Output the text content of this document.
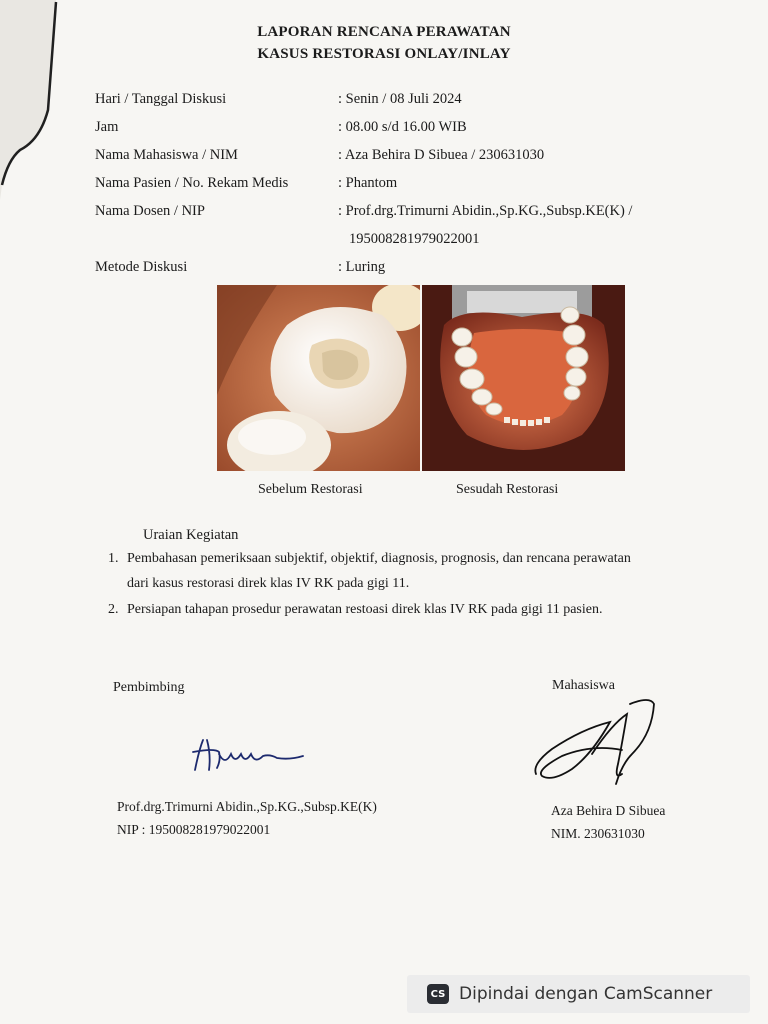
LAPORAN RENCANA PERAWATAN
KASUS RESTORASI ONLAY/INLAY
Hari / Tanggal Diskusi	: Senin / 08 Juli 2024
Jam	: 08.00 s/d 16.00 WIB
Nama Mahasiswa / NIM	: Aza Behira D Sibuea / 230631030
Nama Pasien / No. Rekam Medis	: Phantom
Nama Dosen / NIP	: Prof.drg.Trimurni Abidin.,Sp.KG.,Subsp.KE(K) /
195008281979022001
Metode Diskusi	: Luring
Sebelum Restorasi	Sesudah Restorasi
Uraian Kegiatan
1. Pembahasan pemeriksaan subjektif, objektif, diagnosis, prognosis, dan rencana perawatan
dari kasus restorasi direk klas IV RK pada gigi 11.
2. Persiapan tahapan prosedur perawatan restoasi direk klas IV RK pada gigi 11 pasien.
Pembimbing	Mahasiswa
Prof.drg.Trimurni Abidin.,Sp.KG.,Subsp.KE(K)
NIP : 195008281979022001
Aza Behira D Sibuea
NIM. 230631030
CS Dipindai dengan CamScanner
